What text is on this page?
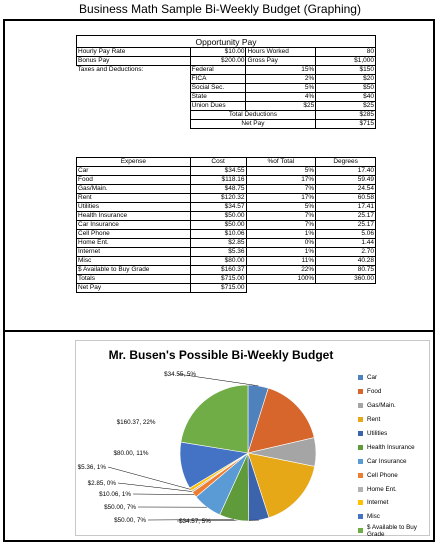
Business Math Sample Bi-Weekly Budget (Graphing)
Opportunity Pay			
Hourly Pay Rate	$10.00	Hours Worked	80
Bonus Pay	$200.00	Gross Pay	$1,000
Taxes and Deductions:	Federal	15%	$150
	FICA	2%	$20
	Social Sec.	5%	$50
	State	4%	$40
	Union Dues	$25	$25
	Total Deductions		$285
	Net Pay		$715
Expense	Cost	%of Total	Degrees
Car	$34.55	5%	17.40
Food	$118.16	17%	59.49
Gas/Main.	$48.75	7%	24.54
Rent	$120.32	17%	60.58
Utilities	$34.57	5%	17.41
Health Insurance	$50.00	7%	25.17
Car Insurance	$50.00	7%	25.17
Cell Phone	$10.06	1%	5.06
Home Ent.	$2.85	0%	1.44
Internet	$5.36	1%	2.70
Misc	$80.00	11%	40.28
$ Available to Buy Grade	$160.37	22%	80.75
Totals	$715.00	100%	360.00
Net Pay	$715.00		
Mr. Busen's Possible Bi-Weekly Budget
$34.55, 5%
$34.57, 5%
$50.00, 7%
$50.00, 7%
$10.06, 1%
$2.85, 0%
$5.36, 1%
$80.00, 11%
$160.37, 22%
Car
Food
Gas/Main.
Rent
Utilities
Health Insurance
Car Insurance
Cell Phone
Home Ent.
Internet
Misc
$ Available to Buy Grade
